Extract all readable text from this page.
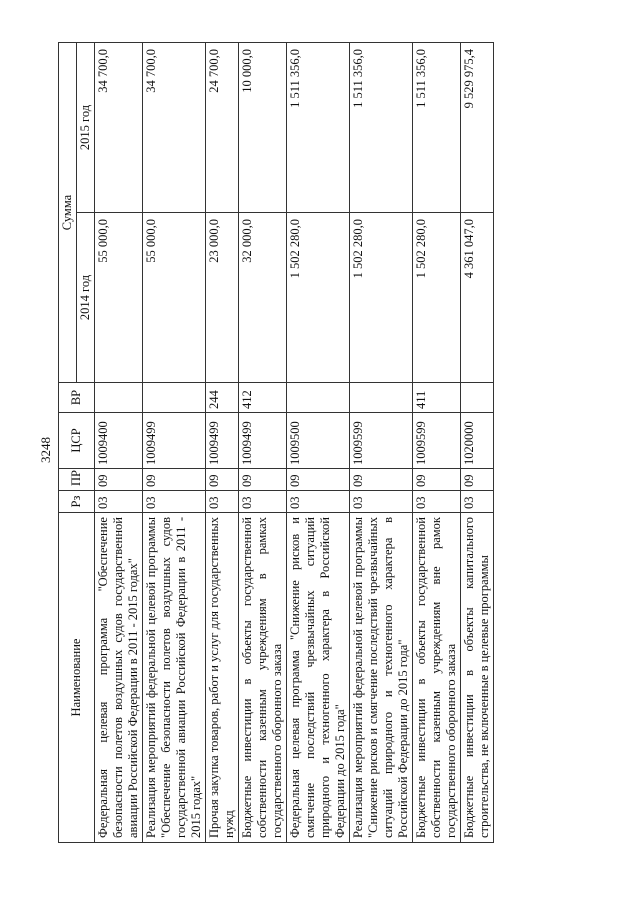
3248
Наименование	Рз	ПР	ЦСР	ВР	Сумма	
					2014 год	2015 год
Федеральная целевая программа "Обеспечение безопасности полетов воздушных судов государственной авиации Российской Федерации в 2011 - 2015 годах"	03	09	1009400		55 000,0	34 700,0
Реализация мероприятий федеральной целевой программы "Обеспечение безопасности полетов воздушных судов государственной авиации Российской Федерации в 2011 - 2015 годах"	03	09	1009499		55 000,0	34 700,0
Прочая закупка товаров, работ и услуг для государственных нужд	03	09	1009499	244	23 000,0	24 700,0
Бюджетные инвестиции в объекты государственной собственности казенным учреждениям в рамках государственного оборонного заказа	03	09	1009499	412	32 000,0	10 000,0
Федеральная целевая программа "Снижение рисков и смягчение последствий чрезвычайных ситуаций природного и техногенного характера в Российской Федерации до 2015 года"	03	09	1009500		1 502 280,0	1 511 356,0
Реализация мероприятий федеральной целевой программы "Снижение рисков и смягчение последствий чрезвычайных ситуаций природного и техногенного характера в Российской Федерации до 2015 года"	03	09	1009599		1 502 280,0	1 511 356,0
Бюджетные инвестиции в объекты государственной собственности казенным учреждениям вне рамок государственного оборонного заказа	03	09	1009599	411	1 502 280,0	1 511 356,0
Бюджетные инвестиции в объекты капитального строительства, не включенные в целевые программы	03	09	1020000		4 361 047,0	9 529 975,4
